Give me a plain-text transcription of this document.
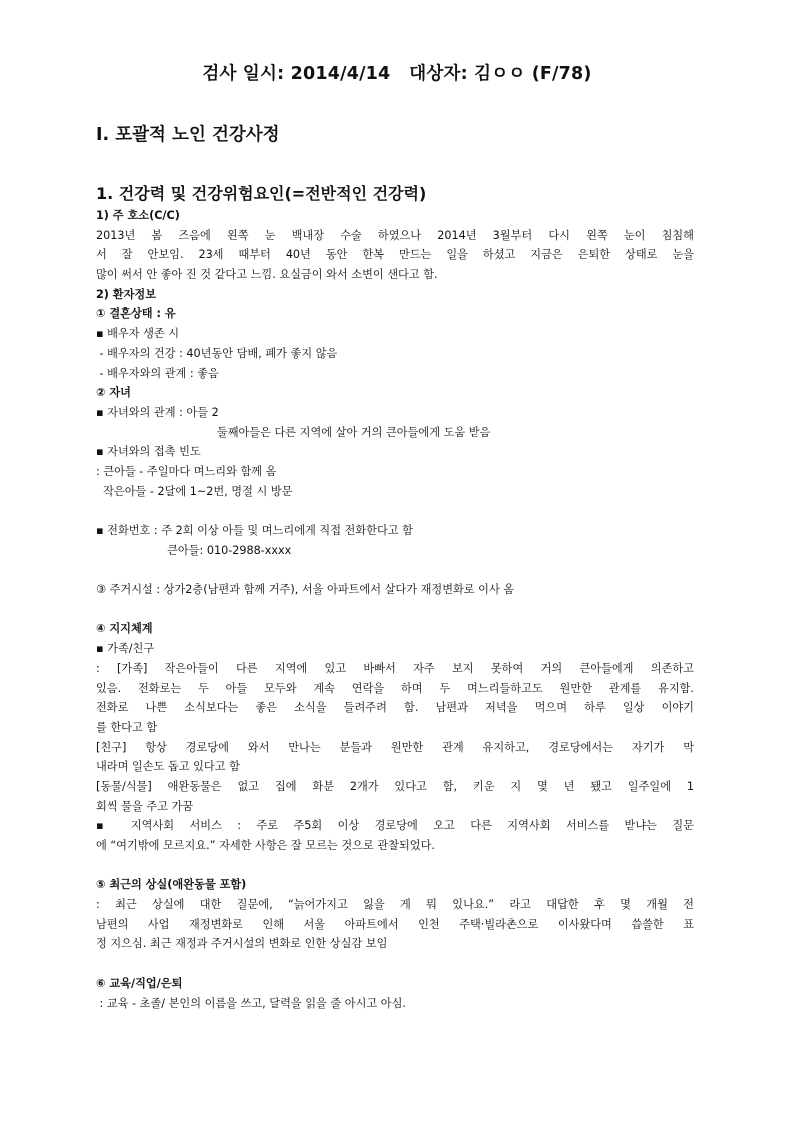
검사 일시: 2014/4/14   대상자: 김ㅇㅇ (F/78)
Ⅰ. 포괄적 노인 건강사정
1. 건강력 및 건강위험요인(=전반적인 건강력)
1) 주 호소(C/C)
2013년 봄 즈음에 왼쪽 눈 백내장 수술 하였으나 2014년 3월부터 다시 왼쪽 눈이 침침해
서 잘 안보임. 23세 때부터 40년 동안 한복 만드는 일을 하셨고 지금은 은퇴한 상태로 눈을
많이 써서 안 좋아 진 것 같다고 느낌. 요실금이 와서 소변이 샌다고 함.
2) 환자정보
① 결혼상태 : 유
▪ 배우자 생존 시
- 배우자의 건강 : 40년동안 담배, 폐가 좋지 않음
- 배우자와의 관계 : 좋음
② 자녀
▪ 자녀와의 관계 : 아들 2
둘째아들은 다른 지역에 살아 거의 큰아들에게 도움 받음
▪ 자녀와의 접촉 빈도
: 큰아들 - 주일마다 며느리와 함께 옴
작은아들 - 2달에 1~2번, 명절 시 방문
▪ 전화번호 : 주 2회 이상 아들 및 며느리에게 직접 전화한다고 함
큰아들: 010-2988-xxxx
③ 주거시설 : 상가2층(남편과 함께 거주), 서울 아파트에서 살다가 재정변화로 이사 옴
④ 지지체계
▪ 가족/친구
: [가족] 작은아들이 다른 지역에 있고 바빠서 자주 보지 못하여 거의 큰아들에게 의존하고
있음. 전화로는 두 아들 모두와 계속 연락을 하며 두 며느리들하고도 원만한 관계를 유지함.
전화로 나쁜 소식보다는 좋은 소식을 들려주려 함. 남편과 저녁을 먹으며 하루 일상 이야기
를 한다고 함
[친구] 항상 경로당에 와서 만나는 분들과 원만한 관계 유지하고, 경로당에서는 자기가 막
내라며 일손도 돕고 있다고 함
[동물/식물] 애완동물은 없고 집에 화분 2개가 있다고 함, 키운 지 몇 년 됐고 일주일에 1
회씩 물을 주고 가꿈
▪ 지역사회 서비스 : 주로 주5회 이상 경로당에 오고 다른 지역사회 서비스를 받냐는 질문
에 “여기밖에 모르지요.” 자세한 사항은 잘 모르는 것으로 관찰되었다.
⑤ 최근의 상실(애완동물 포함)
: 최근 상실에 대한 질문에, “늙어가지고 잃을 게 뭐 있나요.” 라고 대답한 후 몇 개월 전
남편의 사업 재정변화로 인해 서울 아파트에서 인천 주택·빌라촌으로 이사왔다며 씁쓸한 표
정 지으심. 최근 재정과 주거시설의 변화로 인한 상실감 보임
⑥ 교육/직업/은퇴
: 교육 - 초졸/ 본인의 이름을 쓰고, 달력을 읽을 줄 아시고 아심.
